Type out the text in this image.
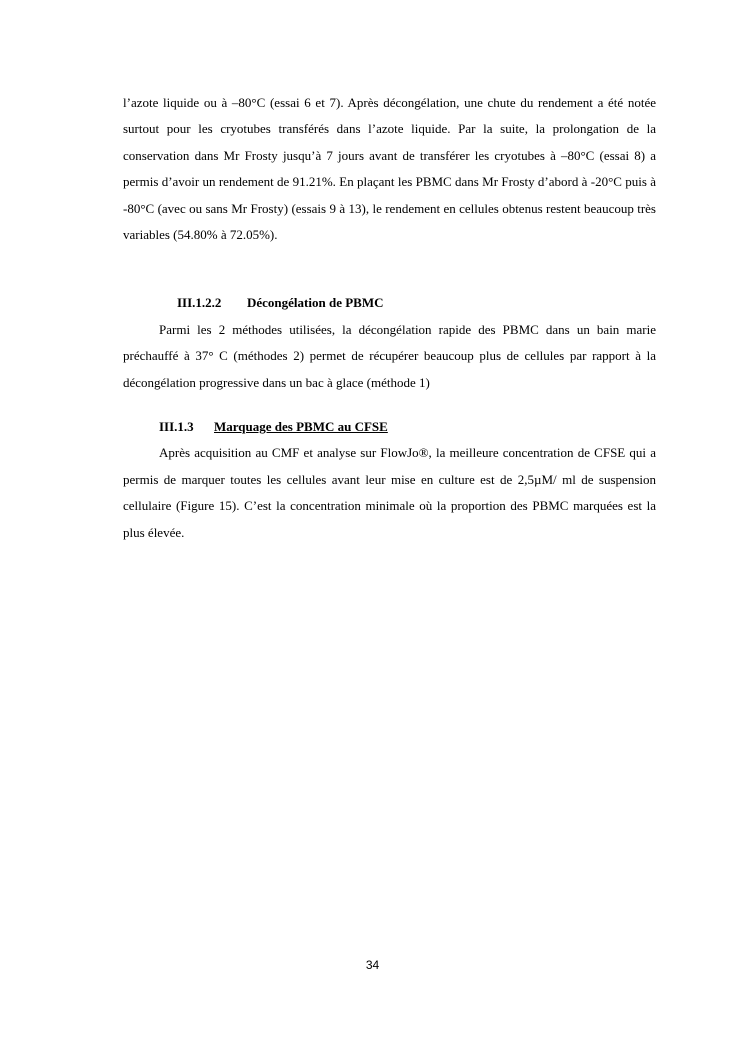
l’azote liquide ou à –80°C (essai 6 et 7). Après décongélation, une chute du rendement a été notée surtout pour les cryotubes transférés dans l’azote liquide. Par la suite, la prolongation de la conservation dans Mr Frosty jusqu’à 7 jours avant de transférer les cryotubes à –80°C (essai 8) a permis d’avoir un rendement de 91.21%. En plaçant les PBMC dans Mr Frosty d’abord à -20°C puis à -80°C (avec ou sans Mr Frosty) (essais 9 à 13), le rendement en cellules obtenus restent beaucoup très variables (54.80% à 72.05%).

III.1.2.2 Décongélation de PBMC

Parmi les 2 méthodes utilisées, la décongélation rapide des PBMC dans un bain marie préchauffé à 37° C (méthodes 2) permet de récupérer beaucoup plus de cellules par rapport à la décongélation progressive dans un bac à glace (méthode 1)

III.1.3 Marquage des PBMC au CFSE

Après acquisition au CMF et analyse sur FlowJo®, la meilleure concentration de CFSE qui a permis de marquer toutes les cellules avant leur mise en culture est de 2,5µM/ ml de suspension cellulaire (Figure 15). C’est la concentration minimale où la proportion des PBMC marquées est la plus élevée.

34
